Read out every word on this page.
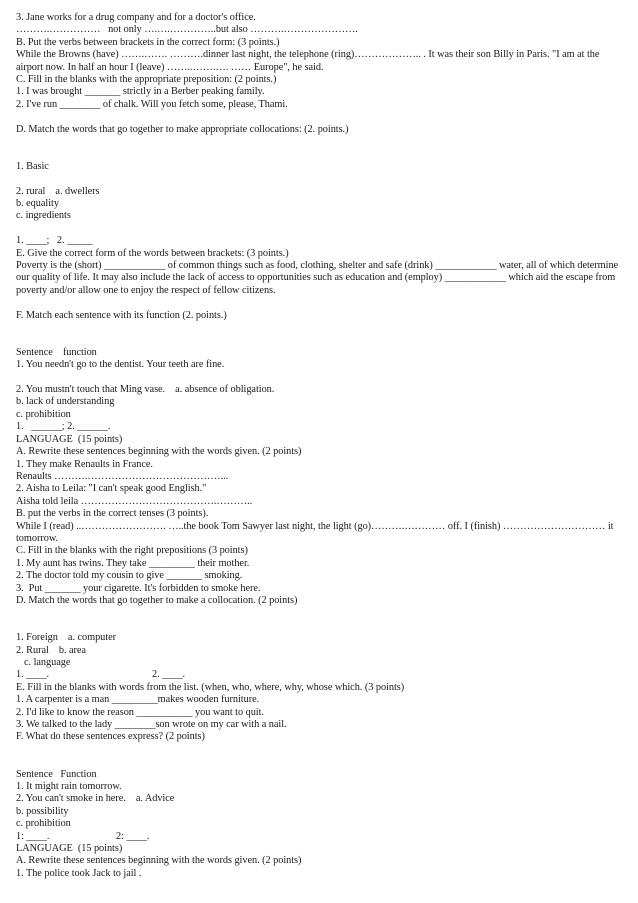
3. Jane works for a drug company and for a doctor's office.
……….……………   not only ….….…………..but also ……….………………….
B. Put the verbs between brackets in the correct form: (3 points.)
While the Browns (have) …….……. ……….dinner last night, the telephone (ring)……………….. . It was their son Billy in Paris. "I am at the airport now. In half an hour I (leave) ……..…….…. …… Europe", he said.
C. Fill in the blanks with the appropriate preposition: (2 points.)
1. I was brought _______ strictly in a Berber peaking family.
2. I've run ________ of chalk. Will you fetch some, please, Thami.
D. Match the words that go together to make appropriate collocations: (2. points.)
1. Basic
2. rural    a. dwellers
b. equality
c. ingredients
1. ____;   2. _____
E. Give the correct form of the words between brackets: (3 points.)
Poverty is the (short) ____________ of common things such as food, clothing, shelter and safe (drink) ____________ water, all of which determine our quality of life. It may also include the lack of access to opportunities such as education and (employ) ____________ which aid the escape from poverty and/or allow one to enjoy the respect of fellow citizens.
F. Match each sentence with its function (2. points.)
Sentence    function
1. You needn't go to the dentist. Your teeth are fine.
2. You mustn't touch that Ming vase.    a. absence of obligation.
b. lack of understanding
c. prohibition
1.   ______; 2. ______.
LANGUAGE  (15 points)
A. Rewrite these sentences beginning with the words given. (2 points)
1. They make Renaults in France.
Renaults ……….…………………………………...
2. Aisha to Leila: "I can't speak good English."
Aisha told leila ………………………………….………..
B. put the verbs in the correct tenses (3 points).
While I (read) ..……………………. …..the book Tom Sawyer last night, the light (go)……….………… off. I (finish) ………………………… it tomorrow.
C. Fill in the blanks with the right prepositions (3 points)
1. My aunt has twins. They take _________ their mother.
2. The doctor told my cousin to give _______ smoking.
3.  Put _______ your cigarette. It's forbidden to smoke here.
D. Match the words that go together to make a collocation. (2 points)
1. Foreign    a. computer
2. Rural    b. area
c. language
1. ____.	2. ____.
E. Fill in the blanks with words from the list. (when, who, where, why, whose which. (3 points)
1. A carpenter is a man _________makes wooden furniture.
2. I'd like to know the reason ___________ you want to quit.
3. We talked to the lady ________son wrote on my car with a nail.
F. What do these sentences express? (2 points)
Sentence   Function
1. It might rain tomorrow.
2. You can't smoke in here.    a. Advice
b. possibility
c. prohibition
1: ____.	2: ____.
LANGUAGE  (15 points)
A. Rewrite these sentences beginning with the words given. (2 points)
1. The police took Jack to jail .
